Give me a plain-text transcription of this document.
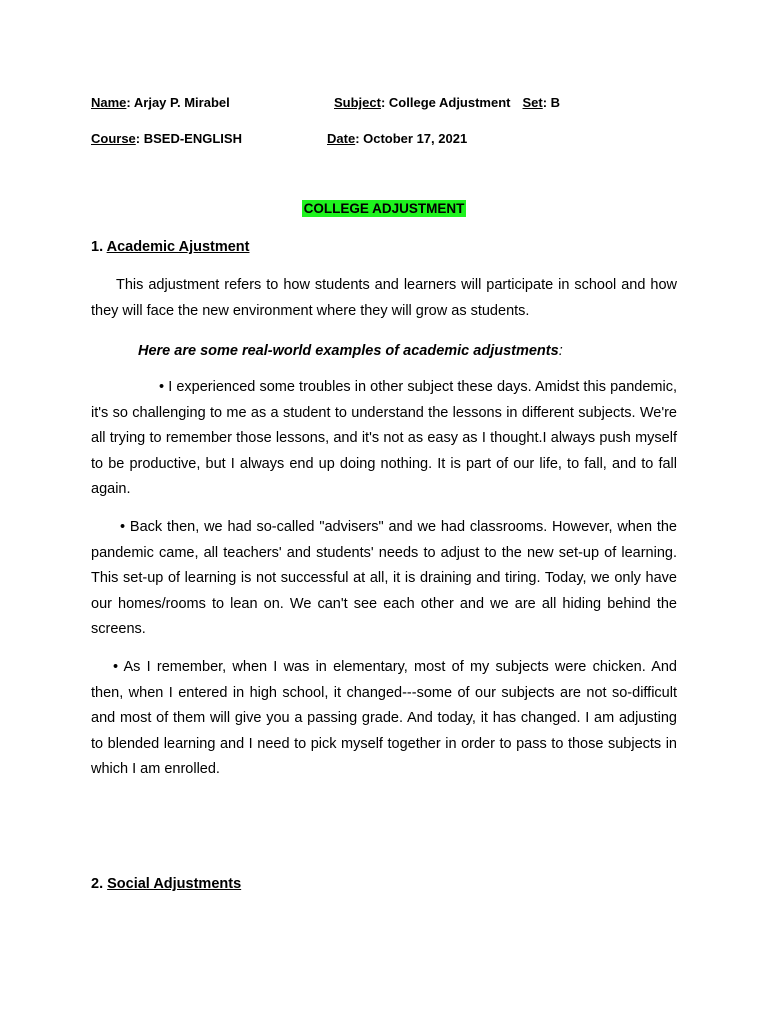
Name: Arjay P. Mirabel	Subject: College Adjustment Set: B
Course: BSED-ENGLISH	Date: October 17, 2021
COLLEGE ADJUSTMENT
1. Academic Ajustment
This adjustment refers to how students and learners will participate in school and how they will face the new environment where they will grow as students.
Here are some real-world examples of academic adjustments:
• I experienced some troubles in other subject these days. Amidst this pandemic, it's so challenging to me as a student to understand the lessons in different subjects. We're all trying to remember those lessons, and it's not as easy as I thought.I always push myself to be productive, but I always end up doing nothing. It is part of our life, to fall, and to fall again.
• Back then, we had so-called "advisers" and we had classrooms. However, when the pandemic came, all teachers' and students' needs to adjust to the new set-up of learning. This set-up of learning is not successful at all, it is draining and tiring. Today, we only have our homes/rooms to lean on. We can't see each other and we are all hiding behind the screens.
• As I remember, when I was in elementary, most of my subjects were chicken. And then, when I entered in high school, it changed---some of our subjects are not so-difficult and most of them will give you a passing grade. And today, it has changed. I am adjusting to blended learning and I need to pick myself together in order to pass to those subjects in which I am enrolled.
2. Social Adjustments
